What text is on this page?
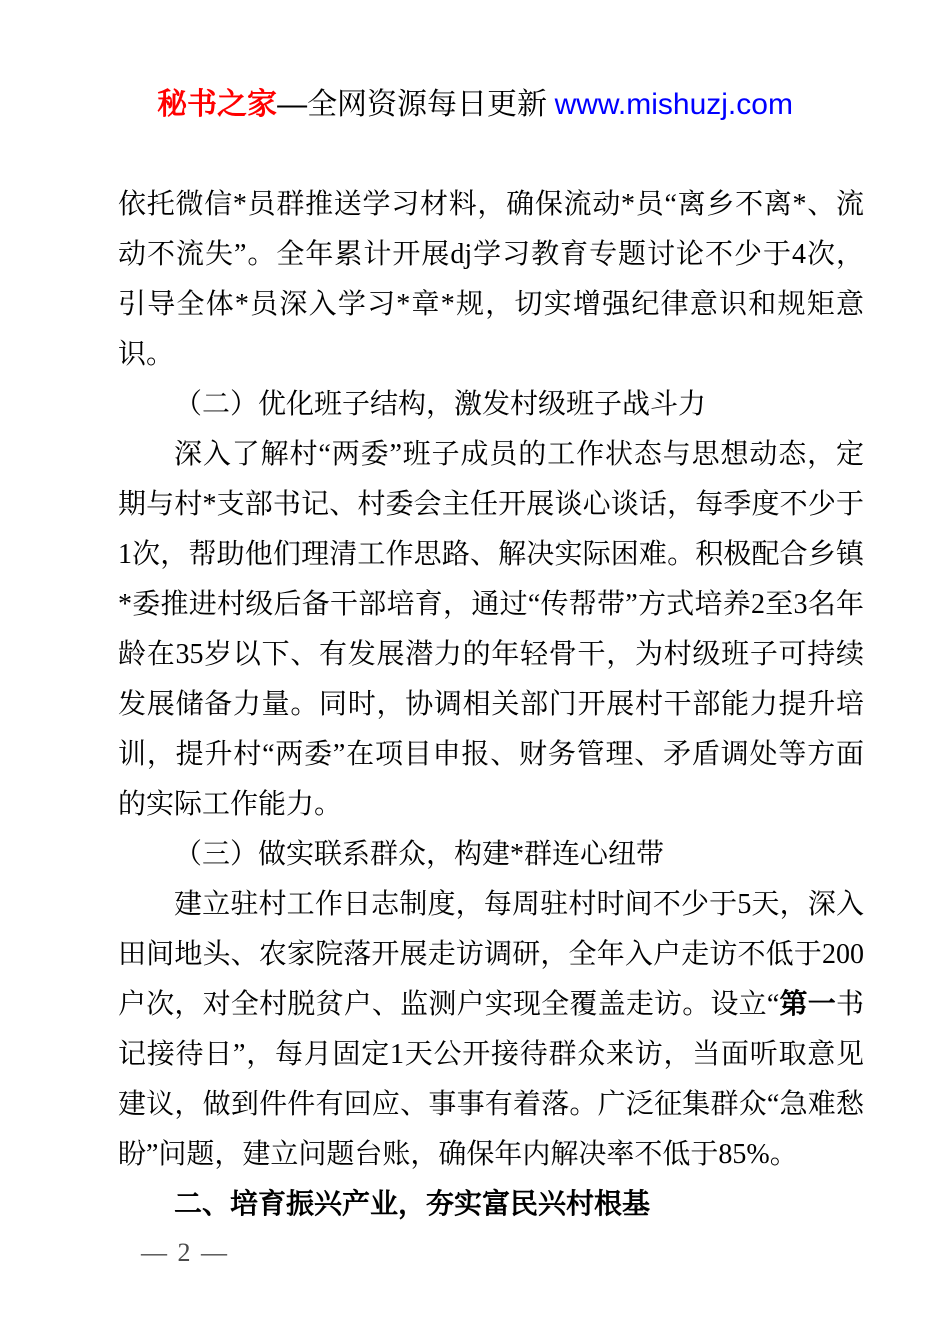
秘书之家—全网资源每日更新 www.mishuzj.com

依托微信*员群推送学习材料，确保流动*员“离乡不离*、流动不流失”。全年累计开展dj学习教育专题讨论不少于4次，引导全体*员深入学习*章*规，切实增强纪律意识和规矩意识。

（二）优化班子结构，激发村级班子战斗力

深入了解村“两委”班子成员的工作状态与思想动态，定期与村*支部书记、村委会主任开展谈心谈话，每季度不少于1次，帮助他们理清工作思路、解决实际困难。积极配合乡镇*委推进村级后备干部培育，通过“传帮带”方式培养2至3名年龄在35岁以下、有发展潜力的年轻骨干，为村级班子可持续发展储备力量。同时，协调相关部门开展村干部能力提升培训，提升村“两委”在项目申报、财务管理、矛盾调处等方面的实际工作能力。

（三）做实联系群众，构建*群连心纽带

建立驻村工作日志制度，每周驻村时间不少于5天，深入田间地头、农家院落开展走访调研，全年入户走访不低于200户次，对全村脱贫户、监测户实现全覆盖走访。设立“第一书记接待日”，每月固定1天公开接待群众来访，当面听取意见建议，做到件件有回应、事事有着落。广泛征集群众“急难愁盼”问题，建立问题台账，确保年内解决率不低于85%。

二、培育振兴产业，夯实富民兴村根基

— 2 —
